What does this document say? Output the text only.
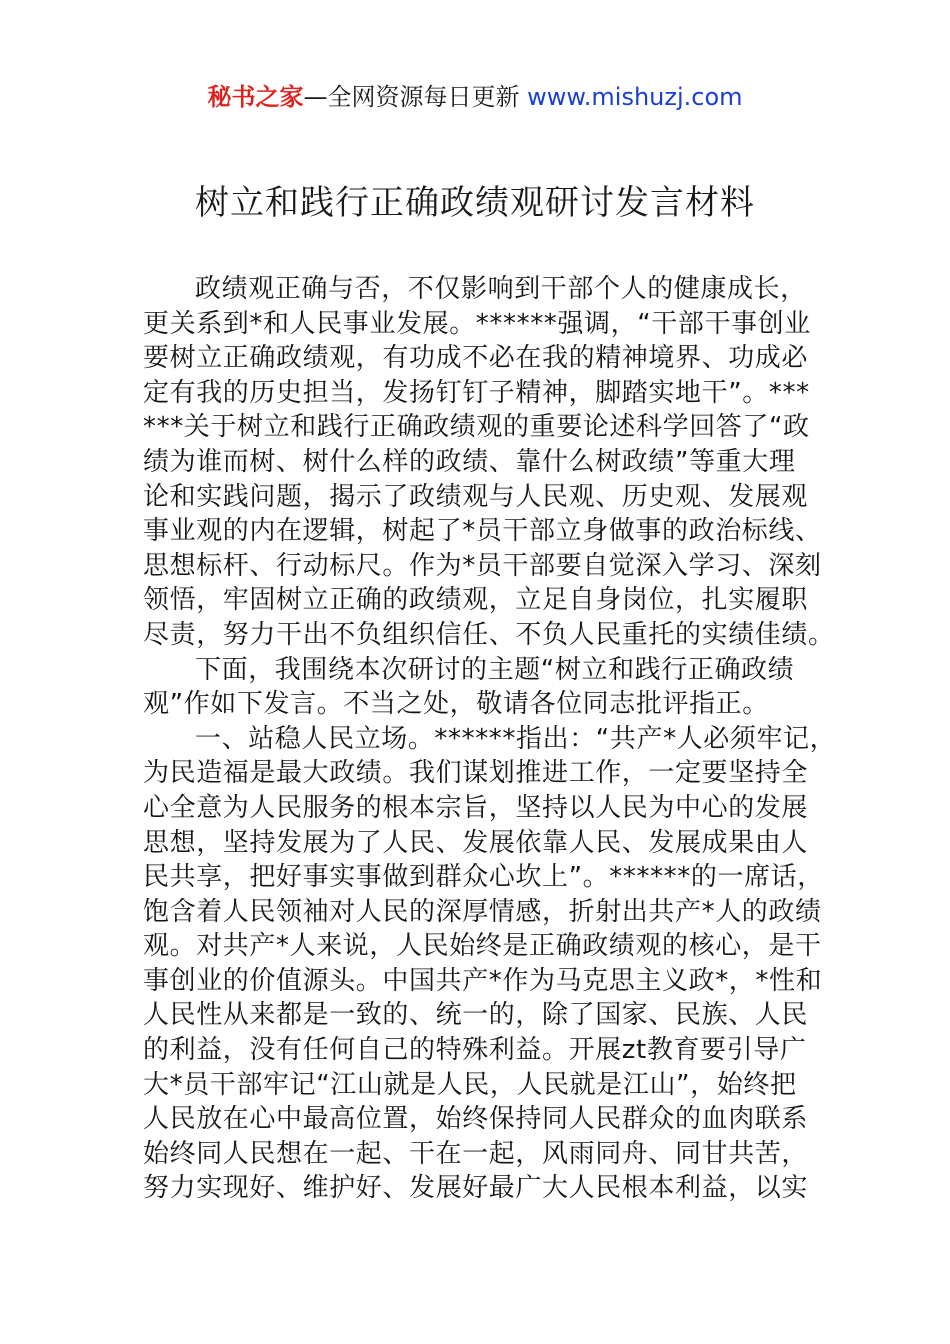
秘书之家—全网资源每日更新 www.mishuzj.com
树立和践行正确政绩观研讨发言材料
政绩观正确与否，不仅影响到干部个人的健康成长，
更关系到*和人民事业发展。******强调，“干部干事创业
要树立正确政绩观，有功成不必在我的精神境界、功成必
定有我的历史担当，发扬钉钉子精神，脚踏实地干”。***
***关于树立和践行正确政绩观的重要论述科学回答了“政
绩为谁而树、树什么样的政绩、靠什么树政绩”等重大理
论和实践问题，揭示了政绩观与人民观、历史观、发展观
事业观的内在逻辑，树起了*员干部立身做事的政治标线、
思想标杆、行动标尺。作为*员干部要自觉深入学习、深刻
领悟，牢固树立正确的政绩观，立足自身岗位，扎实履职
尽责，努力干出不负组织信任、不负人民重托的实绩佳绩。
下面，我围绕本次研讨的主题“树立和践行正确政绩
观”作如下发言。不当之处，敬请各位同志批评指正。
一、站稳人民立场。******指出：“共产*人必须牢记，
为民造福是最大政绩。我们谋划推进工作，一定要坚持全
心全意为人民服务的根本宗旨，坚持以人民为中心的发展
思想，坚持发展为了人民、发展依靠人民、发展成果由人
民共享，把好事实事做到群众心坎上”。******的一席话，
饱含着人民领袖对人民的深厚情感，折射出共产*人的政绩
观。对共产*人来说，人民始终是正确政绩观的核心，是干
事创业的价值源头。中国共产*作为马克思主义政*，*性和
人民性从来都是一致的、统一的，除了国家、民族、人民
的利益，没有任何自己的特殊利益。开展zt教育要引导广
大*员干部牢记“江山就是人民，人民就是江山”，始终把
人民放在心中最高位置，始终保持同人民群众的血肉联系
始终同人民想在一起、干在一起，风雨同舟、同甘共苦，
努力实现好、维护好、发展好最广大人民根本利益，以实
